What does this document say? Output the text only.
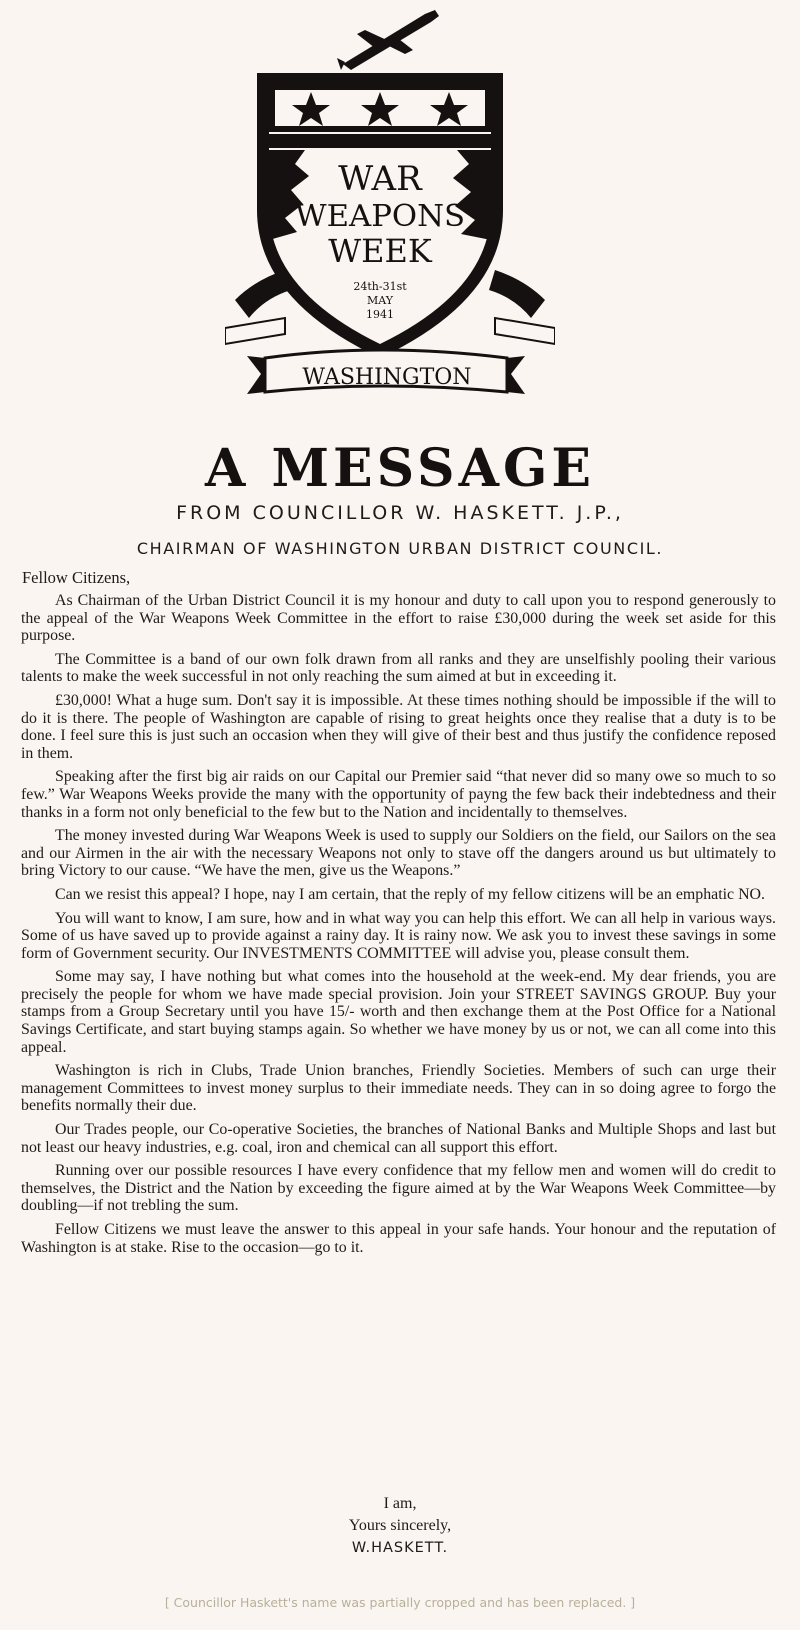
WAR
WEAPONS
WEEK
24th-31st
MAY
1941
WASHINGTON
A MESSAGE
FROM COUNCILLOR W. HASKETT. J.P.,
CHAIRMAN OF WASHINGTON URBAN DISTRICT COUNCIL.
Fellow Citizens,

As Chairman of the Urban District Council it is my honour and duty to call upon you to respond generously to the appeal of the War Weapons Week Committee in the effort to raise £30,000 during the week set aside for this purpose.

The Committee is a band of our own folk drawn from all ranks and they are unselfishly pooling their various talents to make the week successful in not only reaching the sum aimed at but in exceeding it.

£30,000! What a huge sum. Don't say it is impossible. At these times nothing should be impossible if the will to do it is there. The people of Washington are capable of rising to great heights once they realise that a duty is to be done. I feel sure this is just such an occasion when they will give of their best and thus justify the confidence reposed in them.

Speaking after the first big air raids on our Capital our Premier said “that never did so many owe so much to so few.” War Weapons Weeks provide the many with the opportunity of payng the few back their indebtedness and their thanks in a form not only beneficial to the few but to the Nation and incidentally to themselves.

The money invested during War Weapons Week is used to supply our Soldiers on the field, our Sailors on the sea and our Airmen in the air with the necessary Weapons not only to stave off the dangers around us but ultimately to bring Victory to our cause. “We have the men, give us the Weapons.”

Can we resist this appeal? I hope, nay I am certain, that the reply of my fellow citizens will be an emphatic NO.

You will want to know, I am sure, how and in what way you can help this effort. We can all help in various ways. Some of us have saved up to provide against a rainy day. It is rainy now. We ask you to invest these savings in some form of Government security. Our INVESTMENTS COMMITTEE will advise you, please consult them.

Some may say, I have nothing but what comes into the household at the week-end. My dear friends, you are precisely the people for whom we have made special provision. Join your STREET SAVINGS GROUP. Buy your stamps from a Group Secretary until you have 15/- worth and then exchange them at the Post Office for a National Savings Certificate, and start buying stamps again. So whether we have money by us or not, we can all come into this appeal.

Washington is rich in Clubs, Trade Union branches, Friendly Societies. Members of such can urge their management Committees to invest money surplus to their immediate needs. They can in so doing agree to forgo the benefits normally their due.

Our Trades people, our Co-operative Societies, the branches of National Banks and Multiple Shops and last but not least our heavy industries, e.g. coal, iron and chemical can all support this effort.

Running over our possible resources I have every confidence that my fellow men and women will do credit to themselves, the District and the Nation by exceeding the figure aimed at by the War Weapons Week Committee—by doubling—if not trebling the sum.

Fellow Citizens we must leave the answer to this appeal in your safe hands. Your honour and the reputation of Washington is at stake. Rise to the occasion—go to it.

I am,
Yours sincerely,
W.HASKETT.
[ Councillor Haskett's name was partially cropped and has been replaced. ]
